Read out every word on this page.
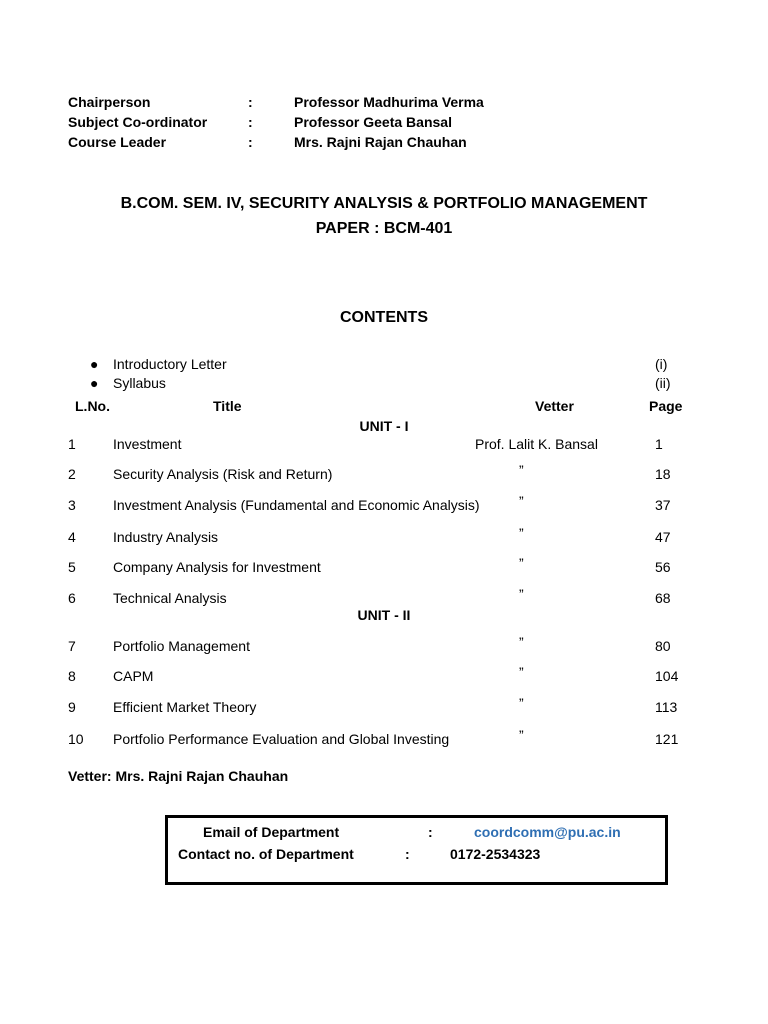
Chairperson	:	Professor Madhurima Verma
Subject Co-ordinator	:	Professor Geeta Bansal
Course Leader	:	Mrs. Rajni Rajan Chauhan
B.COM. SEM. IV, SECURITY ANALYSIS & PORTFOLIO MANAGEMENT
PAPER : BCM-401
CONTENTS
● Introductory Letter	(i)
● Syllabus	(ii)
L.No.	Title	Vetter	Page
UNIT - I
1	Investment	Prof. Lalit K. Bansal	1
2	Security Analysis (Risk and Return)	”	18
3	Investment Analysis (Fundamental and Economic Analysis)	”	37
4	Industry Analysis	”	47
5	Company Analysis for Investment	”	56
6	Technical Analysis	”	68
UNIT - II
7	Portfolio Management	”	80
8	CAPM	”	104
9	Efficient Market Theory	”	113
10 Portfolio Performance Evaluation and Global Investing	”	121
Vetter: Mrs. Rajni Rajan Chauhan
Email of Department	:	coordcomm@pu.ac.in
Contact no. of Department	:	0172-2534323
